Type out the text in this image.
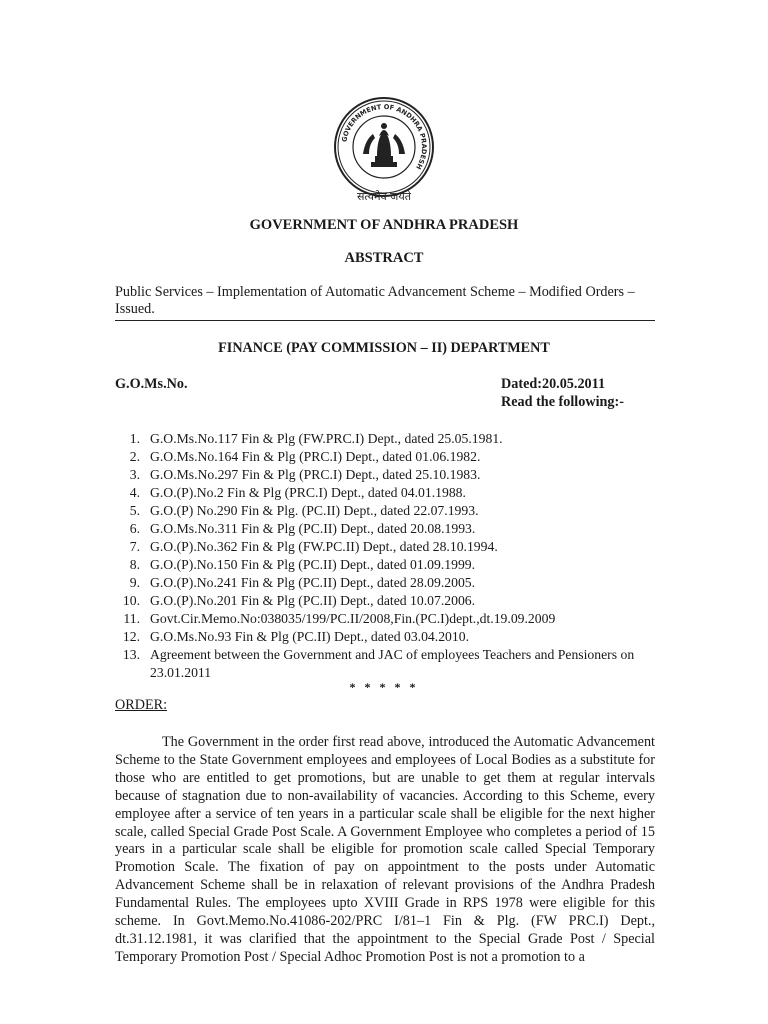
GOVERNMENT OF ANDHRA PRADESH
सत्यमेव जयते
GOVERNMENT OF ANDHRA PRADESH
ABSTRACT
Public Services – Implementation of Automatic Advancement Scheme – Modified Orders – Issued.
FINANCE (PAY COMMISSION – II) DEPARTMENT
G.O.Ms.No.	Dated:20.05.2011
Read the following:-
1. G.O.Ms.No.117 Fin & Plg (FW.PRC.I) Dept., dated 25.05.1981.
2. G.O.Ms.No.164 Fin & Plg (PRC.I) Dept., dated 01.06.1982.
3. G.O.Ms.No.297 Fin & Plg (PRC.I) Dept., dated 25.10.1983.
4. G.O.(P).No.2 Fin & Plg (PRC.I) Dept., dated 04.01.1988.
5. G.O.(P) No.290 Fin & Plg. (PC.II) Dept., dated 22.07.1993.
6. G.O.Ms.No.311 Fin & Plg (PC.II) Dept., dated 20.08.1993.
7. G.O.(P).No.362 Fin & Plg (FW.PC.II) Dept., dated 28.10.1994.
8. G.O.(P).No.150 Fin & Plg (PC.II) Dept., dated 01.09.1999.
9. G.O.(P).No.241 Fin & Plg (PC.II) Dept., dated 28.09.2005.
10. G.O.(P).No.201 Fin & Plg (PC.II) Dept., dated 10.07.2006.
11. Govt.Cir.Memo.No:038035/199/PC.II/2008,Fin.(PC.I)dept.,dt.19.09.2009
12. G.O.Ms.No.93 Fin & Plg (PC.II) Dept., dated 03.04.2010.
13. Agreement between the Government and JAC of employees Teachers and Pensioners on 23.01.2011
* * * * *
ORDER:

The Government in the order first read above, introduced the Automatic Advancement Scheme to the State Government employees and employees of Local Bodies as a substitute for those who are entitled to get promotions, but are unable to get them at regular intervals because of stagnation due to non-availability of vacancies. According to this Scheme, every employee after a service of ten years in a particular scale shall be eligible for the next higher scale, called Special Grade Post Scale. A Government Employee who completes a period of 15 years in a particular scale shall be eligible for promotion scale called Special Temporary Promotion Scale. The fixation of pay on appointment to the posts under Automatic Advancement Scheme shall be in relaxation of relevant provisions of the Andhra Pradesh Fundamental Rules. The employees upto XVIII Grade in RPS 1978 were eligible for this scheme. In Govt.Memo.No.41086-202/PRC I/81–1 Fin & Plg. (FW PRC.I) Dept., dt.31.12.1981, it was clarified that the appointment to the Special Grade Post / Special Temporary Promotion Post / Special Adhoc Promotion Post is not a promotion to a
